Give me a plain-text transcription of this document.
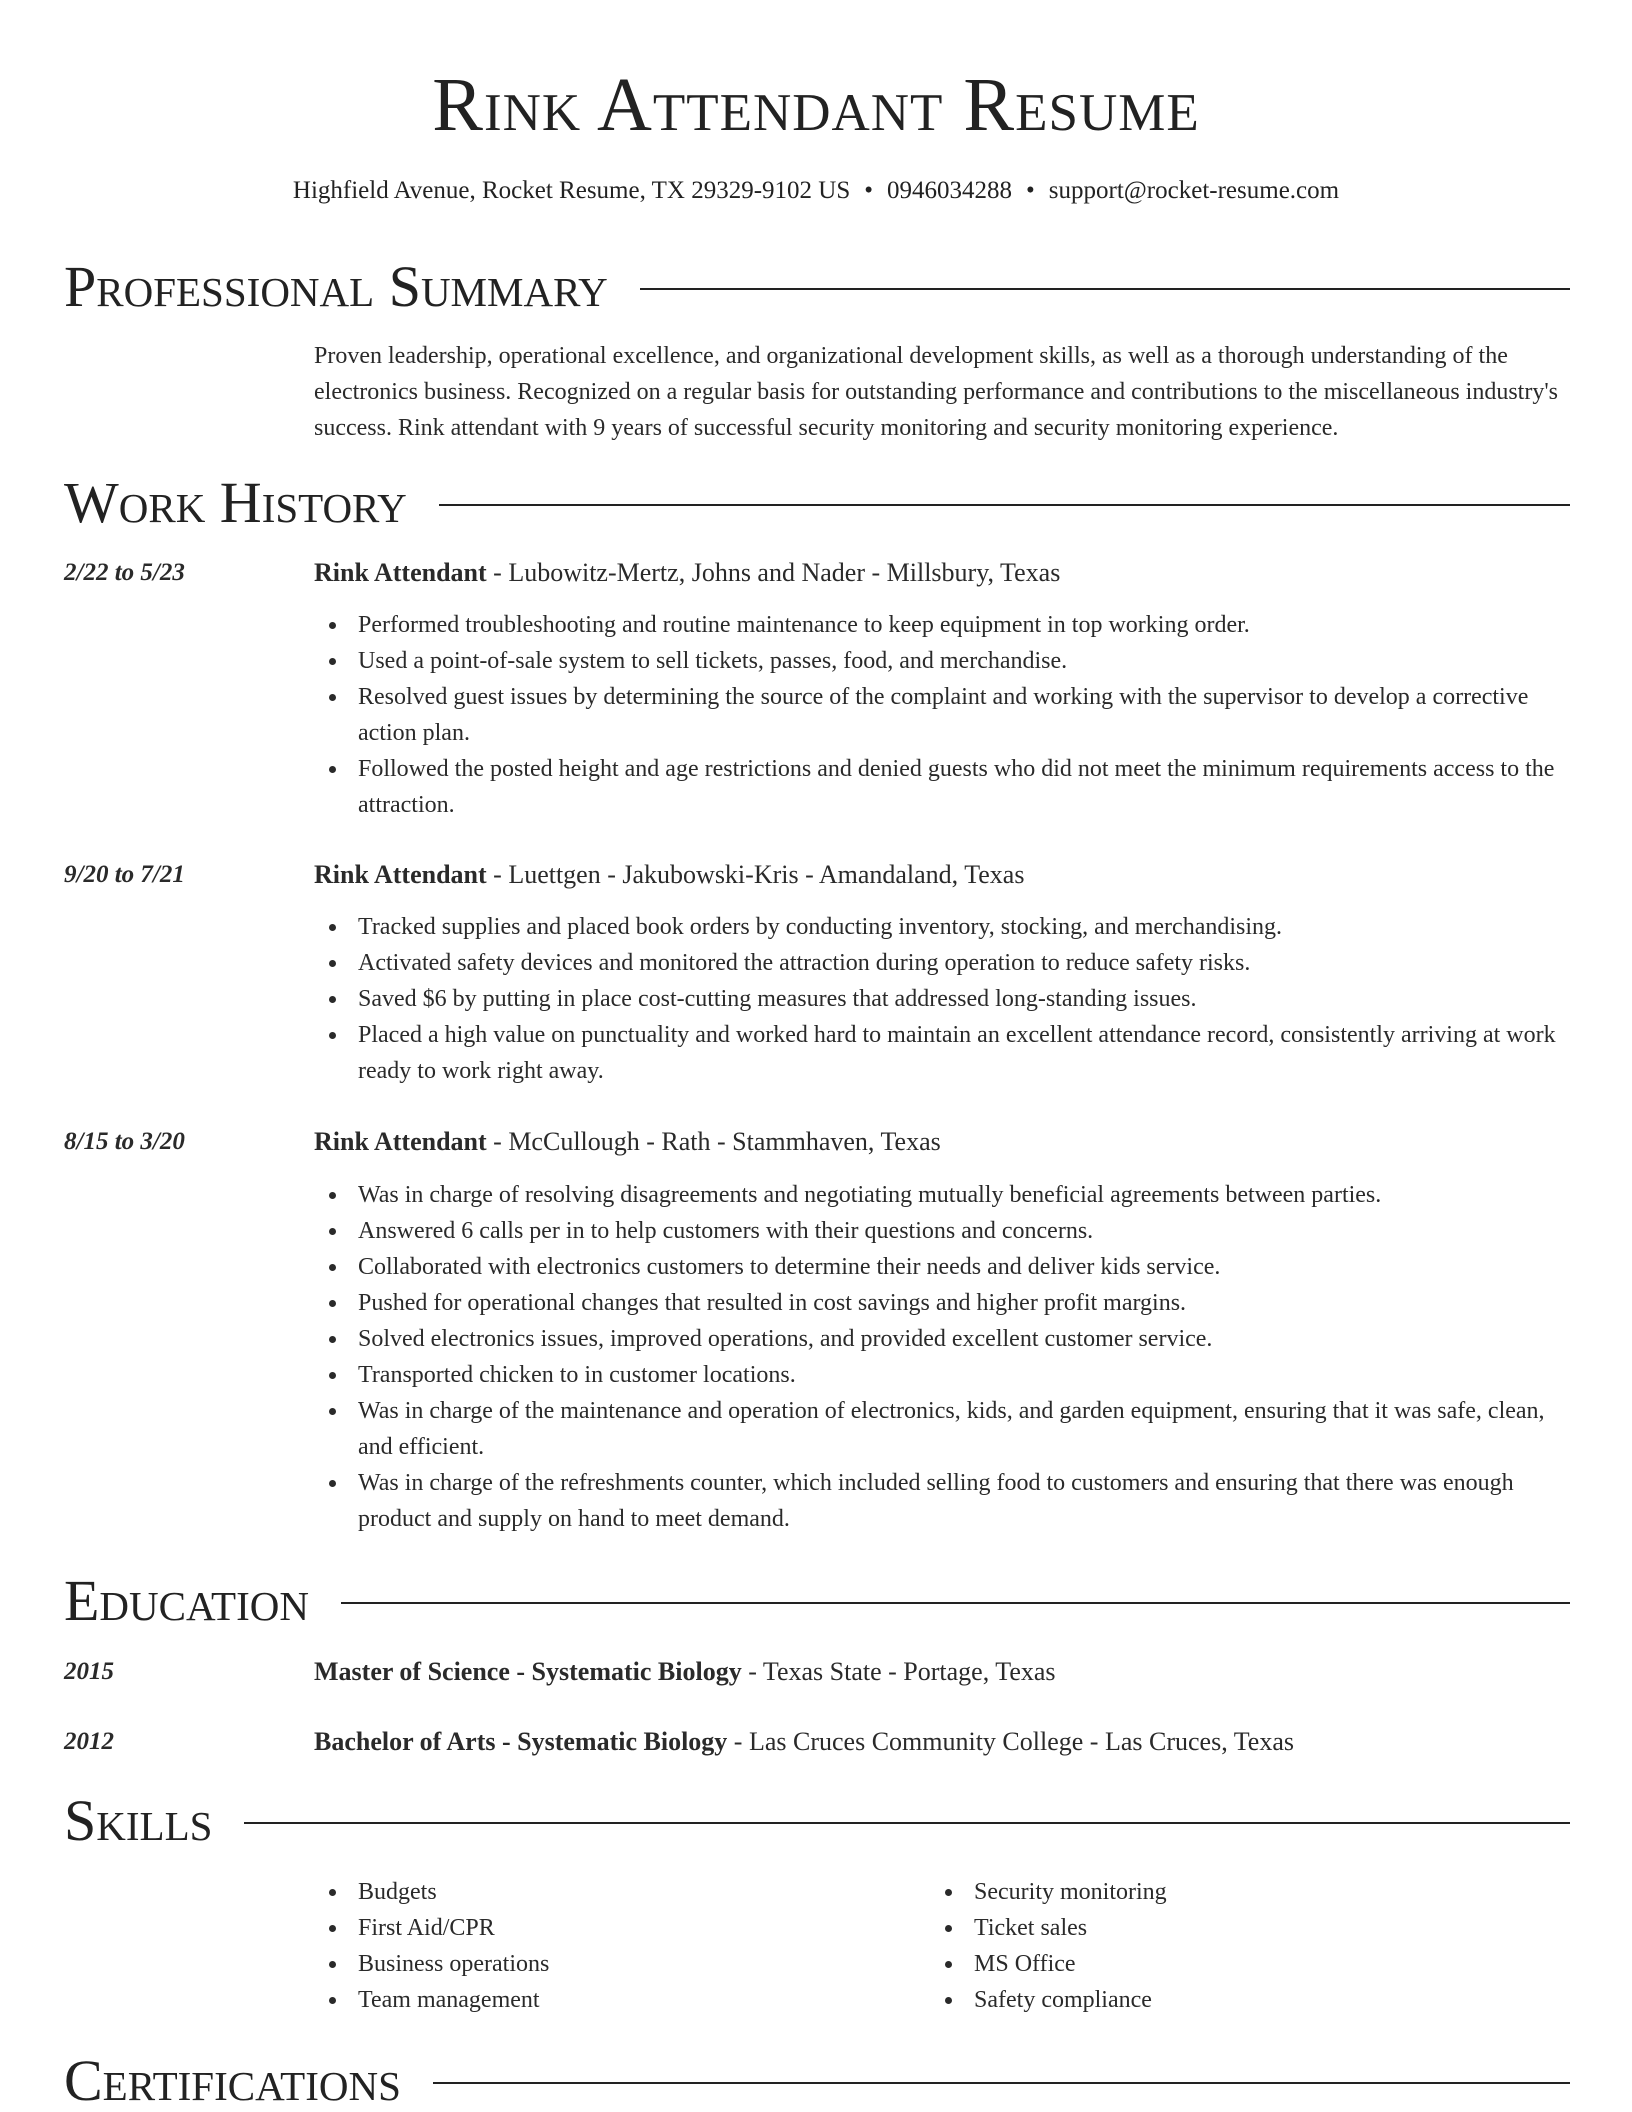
Rink Attendant Resume
Highfield Avenue, Rocket Resume, TX 29329-9102 US • 0946034288 • support@rocket-resume.com
Professional Summary

Proven leadership, operational excellence, and organizational development skills, as well as a thorough understanding of the electronics business. Recognized on a regular basis for outstanding performance and contributions to the miscellaneous industry's success. Rink attendant with 9 years of successful security monitoring and security monitoring experience.

Work History
2/22 to 5/23	Rink Attendant - Lubowitz-Mertz, Johns and Nader - Millsbury, Texas
Performed troubleshooting and routine maintenance to keep equipment in top working order.
Used a point-of-sale system to sell tickets, passes, food, and merchandise.
Resolved guest issues by determining the source of the complaint and working with the supervisor to develop a corrective action plan.
Followed the posted height and age restrictions and denied guests who did not meet the minimum requirements access to the attraction.
9/20 to 7/21	Rink Attendant - Luettgen - Jakubowski-Kris - Amandaland, Texas
Tracked supplies and placed book orders by conducting inventory, stocking, and merchandising.
Activated safety devices and monitored the attraction during operation to reduce safety risks.
Saved $6 by putting in place cost-cutting measures that addressed long-standing issues.
Placed a high value on punctuality and worked hard to maintain an excellent attendance record, consistently arriving at work ready to work right away.
8/15 to 3/20	Rink Attendant - McCullough - Rath - Stammhaven, Texas
Was in charge of resolving disagreements and negotiating mutually beneficial agreements between parties.
Answered 6 calls per in to help customers with their questions and concerns.
Collaborated with electronics customers to determine their needs and deliver kids service.
Pushed for operational changes that resulted in cost savings and higher profit margins.
Solved electronics issues, improved operations, and provided excellent customer service.
Transported chicken to in customer locations.
Was in charge of the maintenance and operation of electronics, kids, and garden equipment, ensuring that it was safe, clean, and efficient.
Was in charge of the refreshments counter, which included selling food to customers and ensuring that there was enough product and supply on hand to meet demand.
Education
2015	Master of Science - Systematic Biology - Texas State - Portage, Texas
2012	Bachelor of Arts - Systematic Biology - Las Cruces Community College - Las Cruces, Texas
Skills
Budgets
First Aid/CPR
Business operations
Team management
Security monitoring
Ticket sales
MS Office
Safety compliance
Certifications
